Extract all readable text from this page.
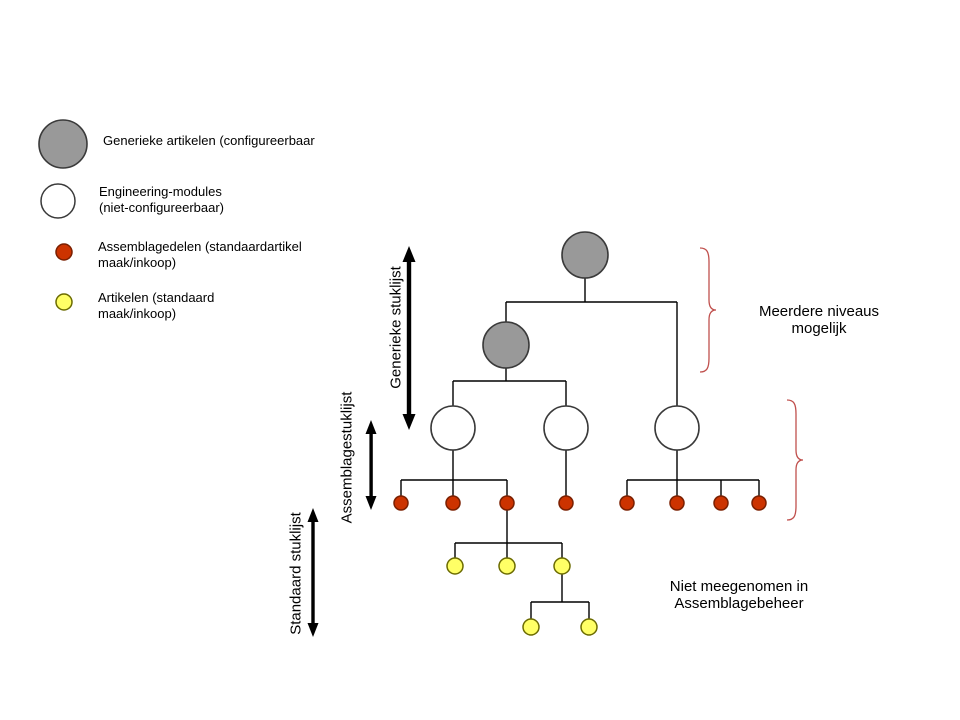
Generieke artikelen (configureerbaar
Engineering-modules
(niet-configureerbaar)
Assemblagedelen (standaardartikel
maak/inkoop)
Artikelen (standaard
maak/inkoop)	Generieke stuklijst
Assemblagestuklijst
Standaard stuklijst
Meerdere niveaus
mogelijk
Niet meegenomen in
Assemblagebeheer
